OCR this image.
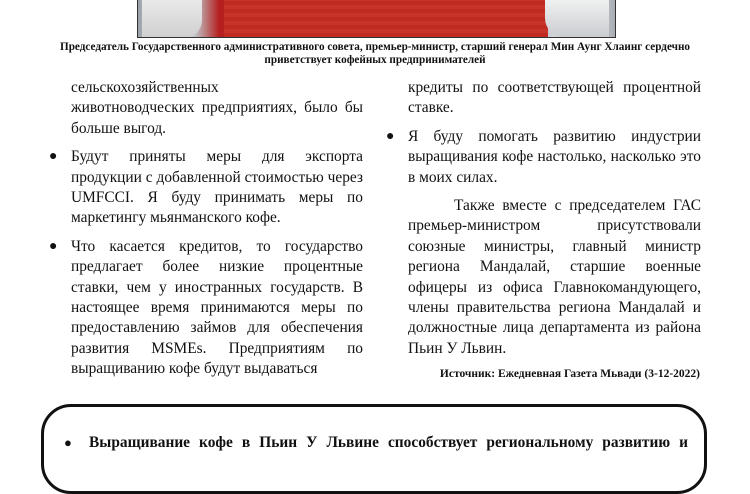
Председатель Государственного административного совета, премьер-министр, старший генерал Мин Аунг Хлаинг сердечно приветствует кофейных предпринимателей

сельскохозяйственных

животноводческих предприятиях, было бы больше выгод.

● Будут приняты меры для экспорта продукции с добавленной стоимостью через UMFCCI. Я буду принимать меры по маркетингу мьянманского кофе.
● Что касается кредитов, то государство предлагает более низкие процентные ставки, чем у иностранных государств. В настоящее время принимаются меры по предоставлению займов для обеспечения развития MSMEs. Предприятиям по выращиванию кофе будут выдаваться

кредиты по соответствующей процентной ставке.

● Я буду помогать развитию индустрии выращивания кофе настолько, насколько это в моих силах.

Также вместе с председателем ГАС премьер-министром присутствовали союзные министры, главный министр региона Мандалай, старшие военные офицеры из офиса Главнокомандующего, члены правительства региона Мандалай и должностные лица департамента из района Пьин У Львин.

Источник: Ежедневная Газета Мьвади (3-12-2022)
● Выращивание кофе в Пьин У Львине способствует региональному развитию и
